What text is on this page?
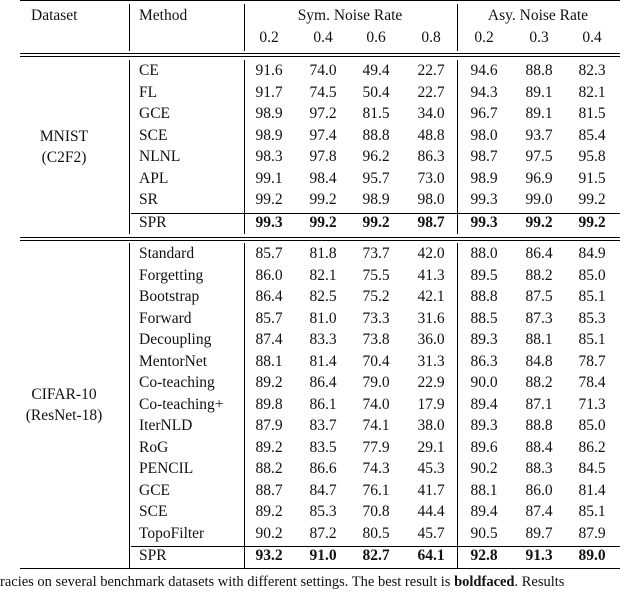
Dataset	Method	Sym. Noise Rate	Asy. Noise Rate
0.2	0.4	0.6	0.8	0.2	0.3	0.4
MNIST
(C2F2)
CE	91.6	74.0	49.4	22.7	94.6	88.8	82.3
FL	91.7	74.5	50.4	22.7	94.3	89.1	82.1
GCE	98.9	97.2	81.5	34.0	96.7	89.1	81.5
SCE	98.9	97.4	88.8	48.8	98.0	93.7	85.4
NLNL	98.3	97.8	96.2	86.3	98.7	97.5	95.8
APL	99.1	98.4	95.7	73.0	98.9	96.9	91.5
SR	99.2	99.2	98.9	98.0	99.3	99.0	99.2
SPR	99.3	99.2	99.2	98.7	99.3	99.2	99.2
CIFAR-10
(ResNet-18)
Standard	85.7	81.8	73.7	42.0	88.0	86.4	84.9
Forgetting	86.0	82.1	75.5	41.3	89.5	88.2	85.0
Bootstrap	86.4	82.5	75.2	42.1	88.8	87.5	85.1
Forward	85.7	81.0	73.3	31.6	88.5	87.3	85.3
Decoupling	87.4	83.3	73.8	36.0	89.3	88.1	85.1
MentorNet	88.1	81.4	70.4	31.3	86.3	84.8	78.7
Co-teaching	89.2	86.4	79.0	22.9	90.0	88.2	78.4
Co-teaching+	89.8	86.1	74.0	17.9	89.4	87.1	71.3
IterNLD	87.9	83.7	74.1	38.0	89.3	88.8	85.0
RoG	89.2	83.5	77.9	29.1	89.6	88.4	86.2
PENCIL	88.2	86.6	74.3	45.3	90.2	88.3	84.5
GCE	88.7	84.7	76.1	41.7	88.1	86.0	81.4
SCE	89.2	85.3	70.8	44.4	89.4	87.4	85.1
TopoFilter	90.2	87.2	80.5	45.7	90.5	89.7	87.9
SPR	93.2	91.0	82.7	64.1	92.8	91.3	89.0
racies on several benchmark datasets with different settings. The best result is boldfaced. Results
